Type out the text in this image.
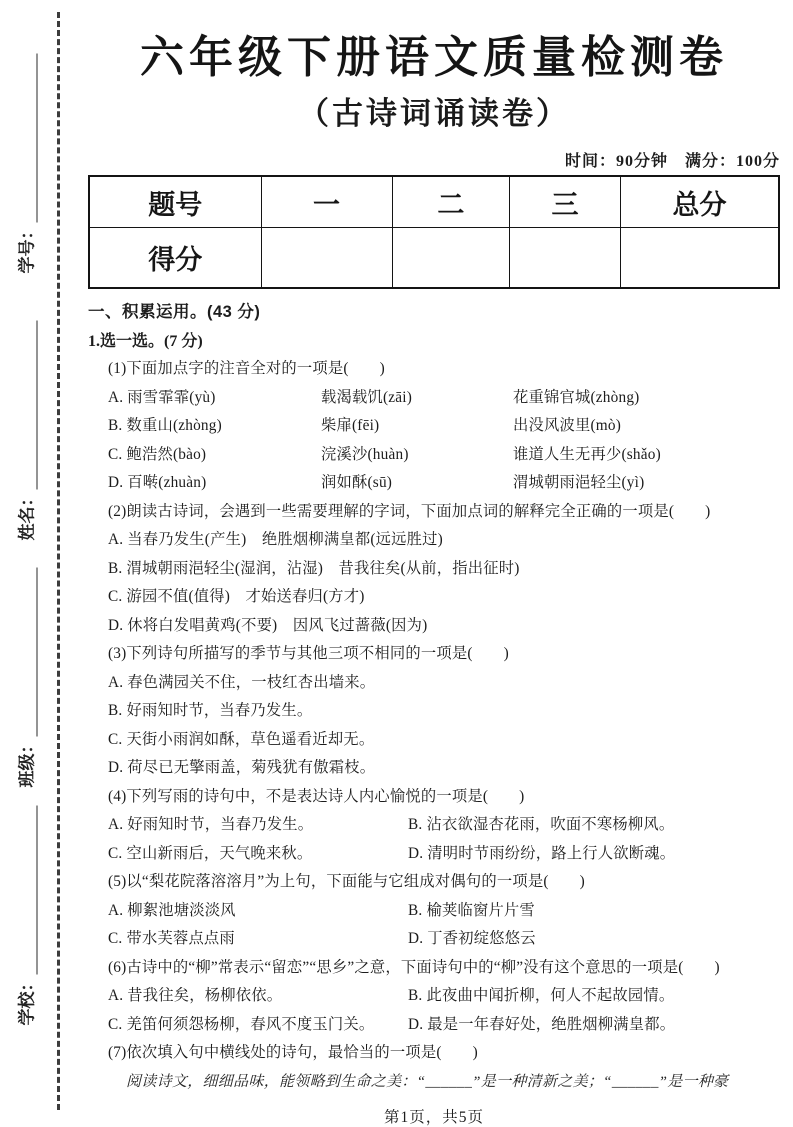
学号：
姓名：
班级：
学校：
六年级下册语文质量检测卷
（古诗词诵读卷）
时间：90分钟　满分：100分
题号	一	二	三	总分
得分				
一、积累运用。(43 分)
1.选一选。(7 分)
(1)下面加点字的注音全对的一项是(　　)
A. 雨雪霏霏(yù)	载渴载饥(zāi)	花重锦官城(zhòng)
B. 数重山(zhòng)	柴扉(fēi)	出没风波里(mò)
C. 鲍浩然(bào)	浣溪沙(huàn)	谁道人生无再少(shǎo)
D. 百啭(zhuàn)	润如酥(sū)	渭城朝雨浥轻尘(yì)
(2)朗读古诗词，会遇到一些需要理解的字词，下面加点词的解释完全正确的一项是(　　)
A. 当春乃发生(产生)　绝胜烟柳满皇都(远远胜过)
B. 渭城朝雨浥轻尘(湿润，沾湿)　昔我往矣(从前，指出征时)
C. 游园不值(值得)　才始送春归(方才)
D. 休将白发唱黄鸡(不要)　因风飞过蔷薇(因为)
(3)下列诗句所描写的季节与其他三项不相同的一项是(　　)
A. 春色满园关不住，一枝红杏出墙来。
B. 好雨知时节，当春乃发生。
C. 天街小雨润如酥，草色遥看近却无。
D. 荷尽已无擎雨盖，菊残犹有傲霜枝。
(4)下列写雨的诗句中，不是表达诗人内心愉悦的一项是(　　)
A. 好雨知时节，当春乃发生。	B. 沾衣欲湿杏花雨，吹面不寒杨柳风。
C. 空山新雨后，天气晚来秋。	D. 清明时节雨纷纷，路上行人欲断魂。
(5)以“梨花院落溶溶月”为上句，下面能与它组成对偶句的一项是(　　)
A. 柳絮池塘淡淡风	B. 榆荚临窗片片雪
C. 带水芙蓉点点雨	D. 丁香初绽悠悠云
(6)古诗中的“柳”常表示“留恋”“思乡”之意，下面诗句中的“柳”没有这个意思的一项是(　　)
A. 昔我往矣，杨柳依依。	B. 此夜曲中闻折柳，何人不起故园情。
C. 羌笛何须怨杨柳，春风不度玉门关。	D. 最是一年春好处，绝胜烟柳满皇都。
(7)依次填入句中横线处的诗句，最恰当的一项是(　　)
阅读诗文，细细品味，能领略到生命之美：“______”是一种清新之美；“______”是一种豪
第1页，共5页
